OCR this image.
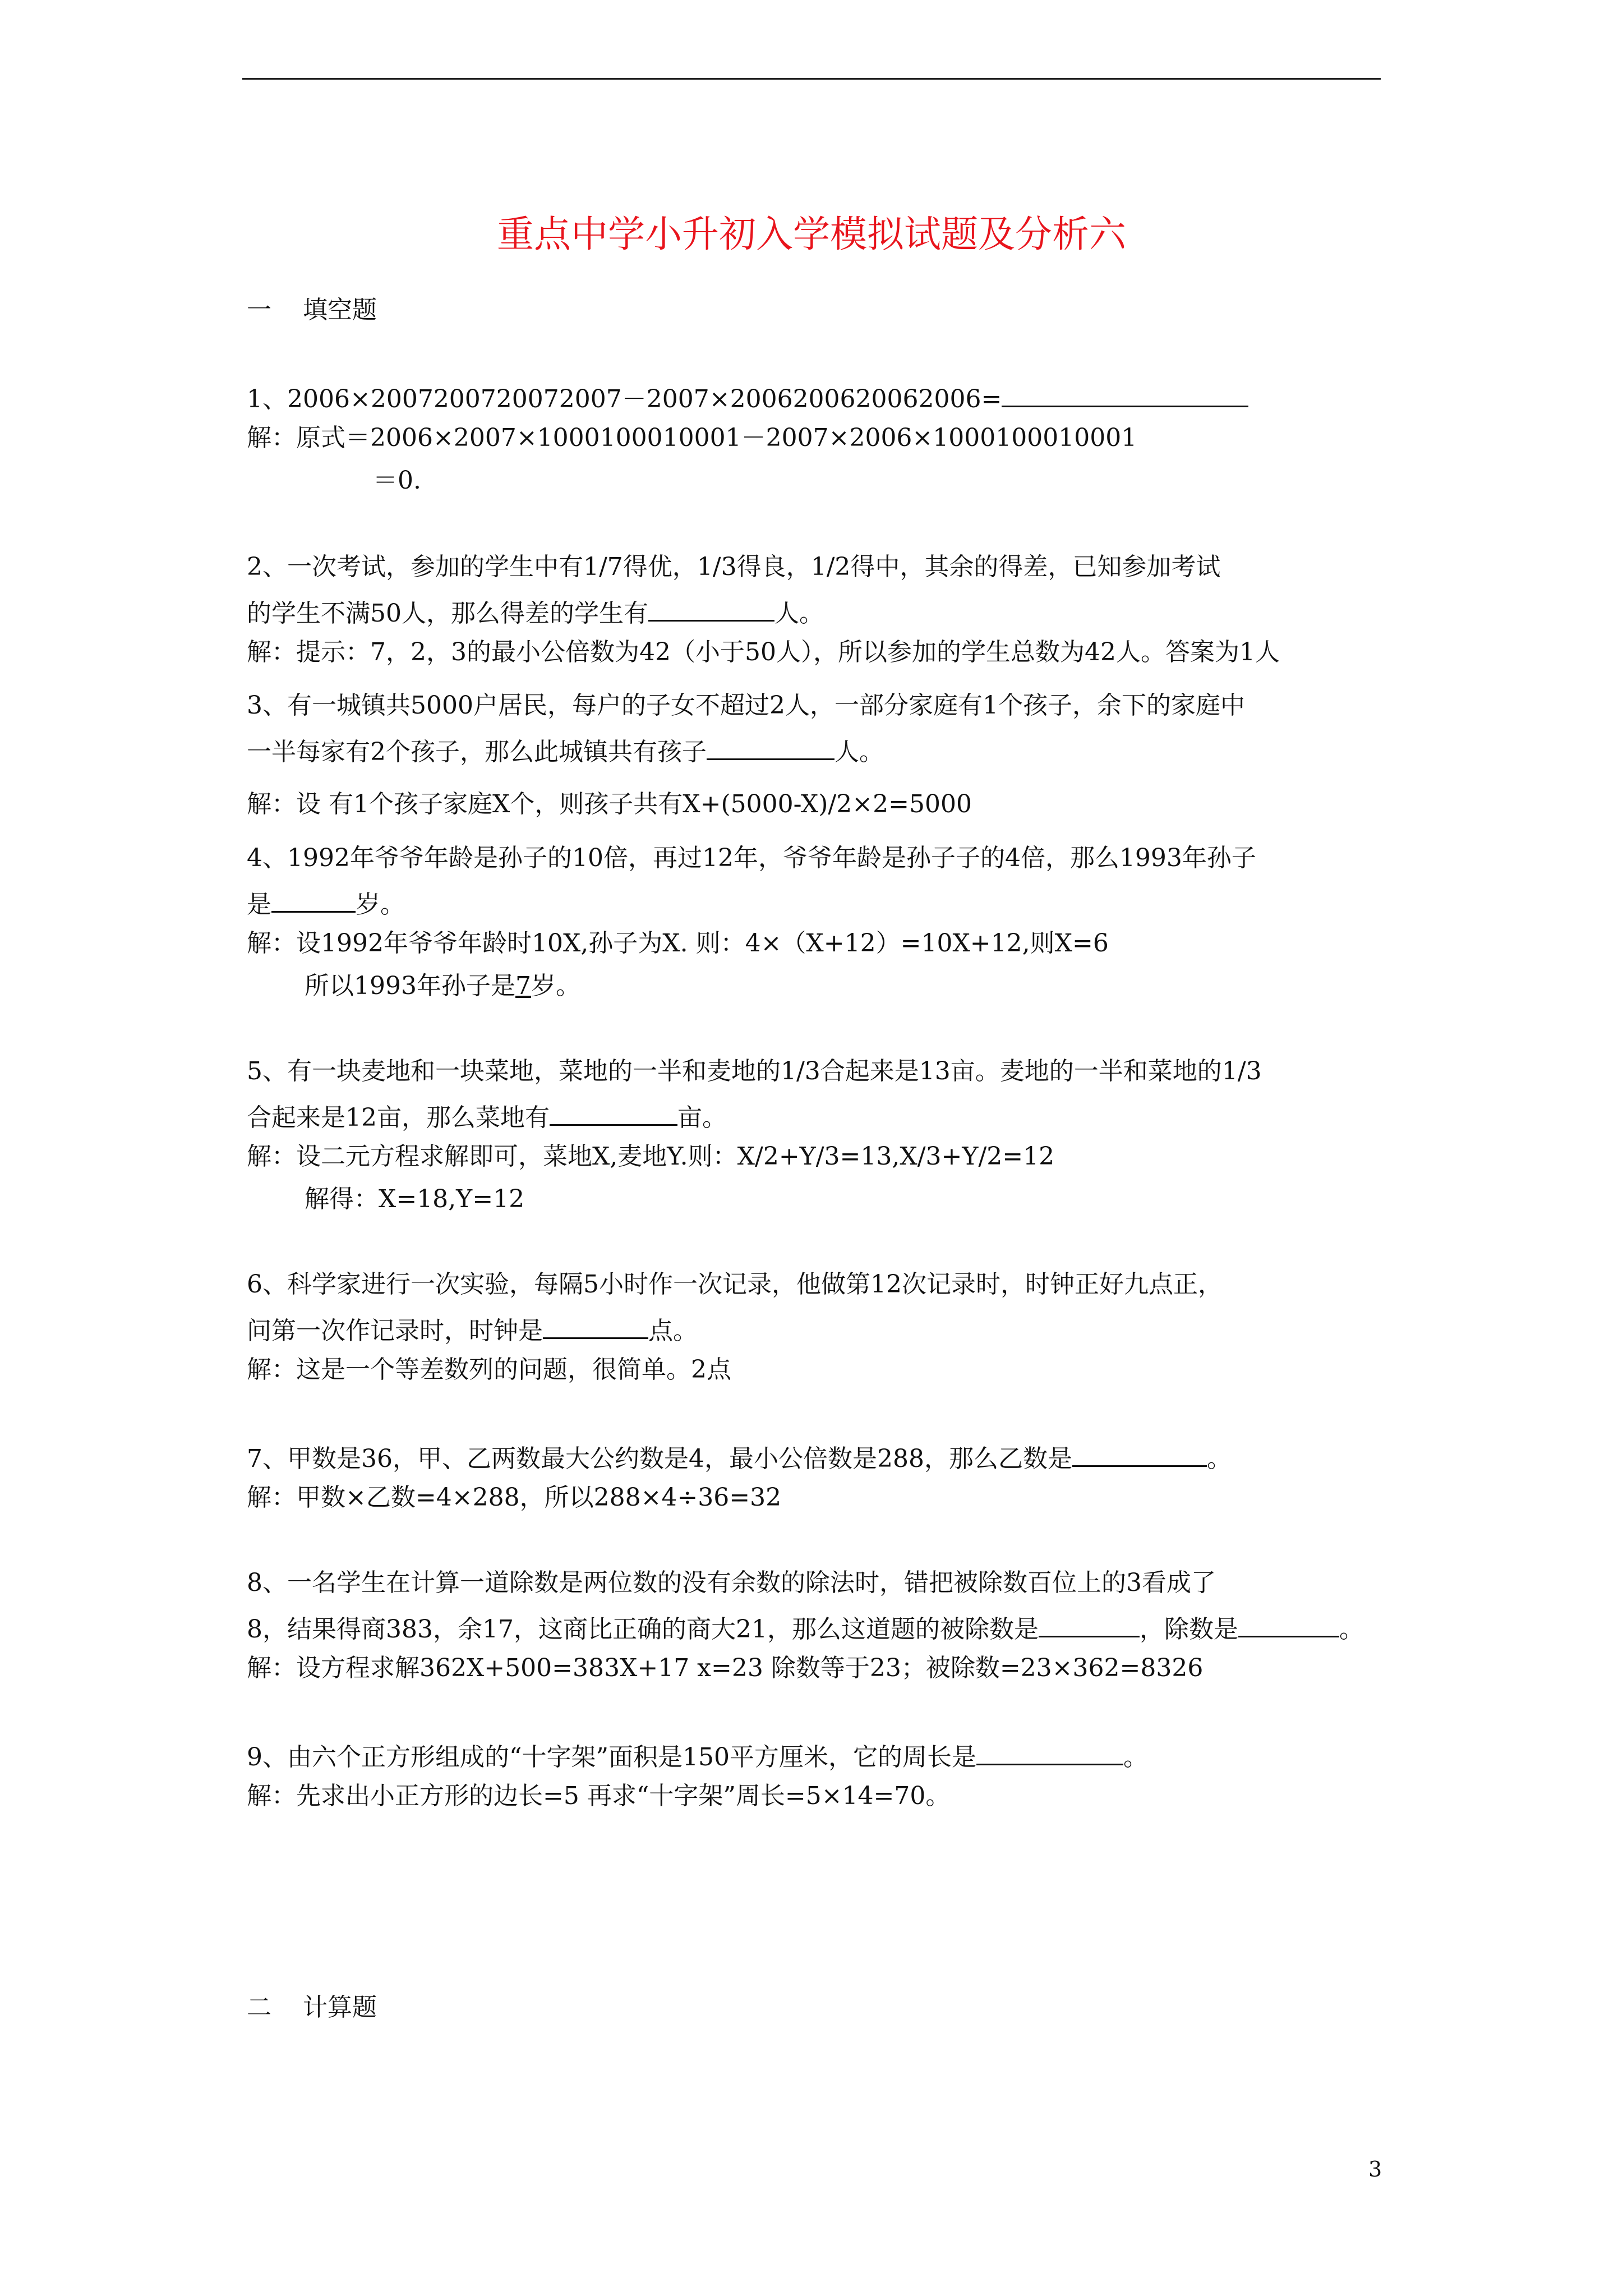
重点中学小升初入学模拟试题及分析六
一 填空题
1、2006×2007200720072007－2007×2006200620062006=
解：原式＝2006×2007×1000100010001－2007×2006×1000100010001
＝0.
2、一次考试，参加的学生中有1/7得优，1/3得良，1/2得中，其余的得差，已知参加考试
的学生不满50人，那么得差的学生有	人。
解：提示：7，2，3的最小公倍数为42（小于50人），所以参加的学生总数为42人。答案为1人
3、有一城镇共5000户居民，每户的子女不超过2人，一部分家庭有1个孩子，余下的家庭中
一半每家有2个孩子，那么此城镇共有孩子	人。
解：设 有1个孩子家庭X个，则孩子共有X+(5000-X)/2×2=5000
4、1992年爷爷年龄是孙子的10倍，再过12年，爷爷年龄是孙子子的4倍，那么1993年孙子
是	岁。
解：设1992年爷爷年龄时10X,孙子为X. 则：4×（X+12）=10X+12,则X=6
所以1993年孙子是7岁。
5、有一块麦地和一块菜地，菜地的一半和麦地的1/3合起来是13亩。麦地的一半和菜地的1/3
合起来是12亩，那么菜地有	亩。
解：设二元方程求解即可，菜地X,麦地Y.则：X/2+Y/3=13,X/3+Y/2=12
解得：X=18,Y=12
6、科学家进行一次实验，每隔5小时作一次记录，他做第12次记录时，时钟正好九点正，
问第一次作记录时，时钟是	点。
解：这是一个等差数列的问题，很简单。2点
7、甲数是36，甲、乙两数最大公约数是4，最小公倍数是288，那么乙数是	。
解：甲数×乙数=4×288，所以288×4÷36=32
8、一名学生在计算一道除数是两位数的没有余数的除法时，错把被除数百位上的3看成了
8，结果得商383，余17，这商比正确的商大21，那么这道题的被除数是	，除数是	。
解：设方程求解362X+500=383X+17 x=23 除数等于23；被除数=23×362=8326
9、由六个正方形组成的“十字架”面积是150平方厘米，它的周长是	。
解：先求出小正方形的边长=5 再求“十字架”周长=5×14=70。
二 计算题
3
